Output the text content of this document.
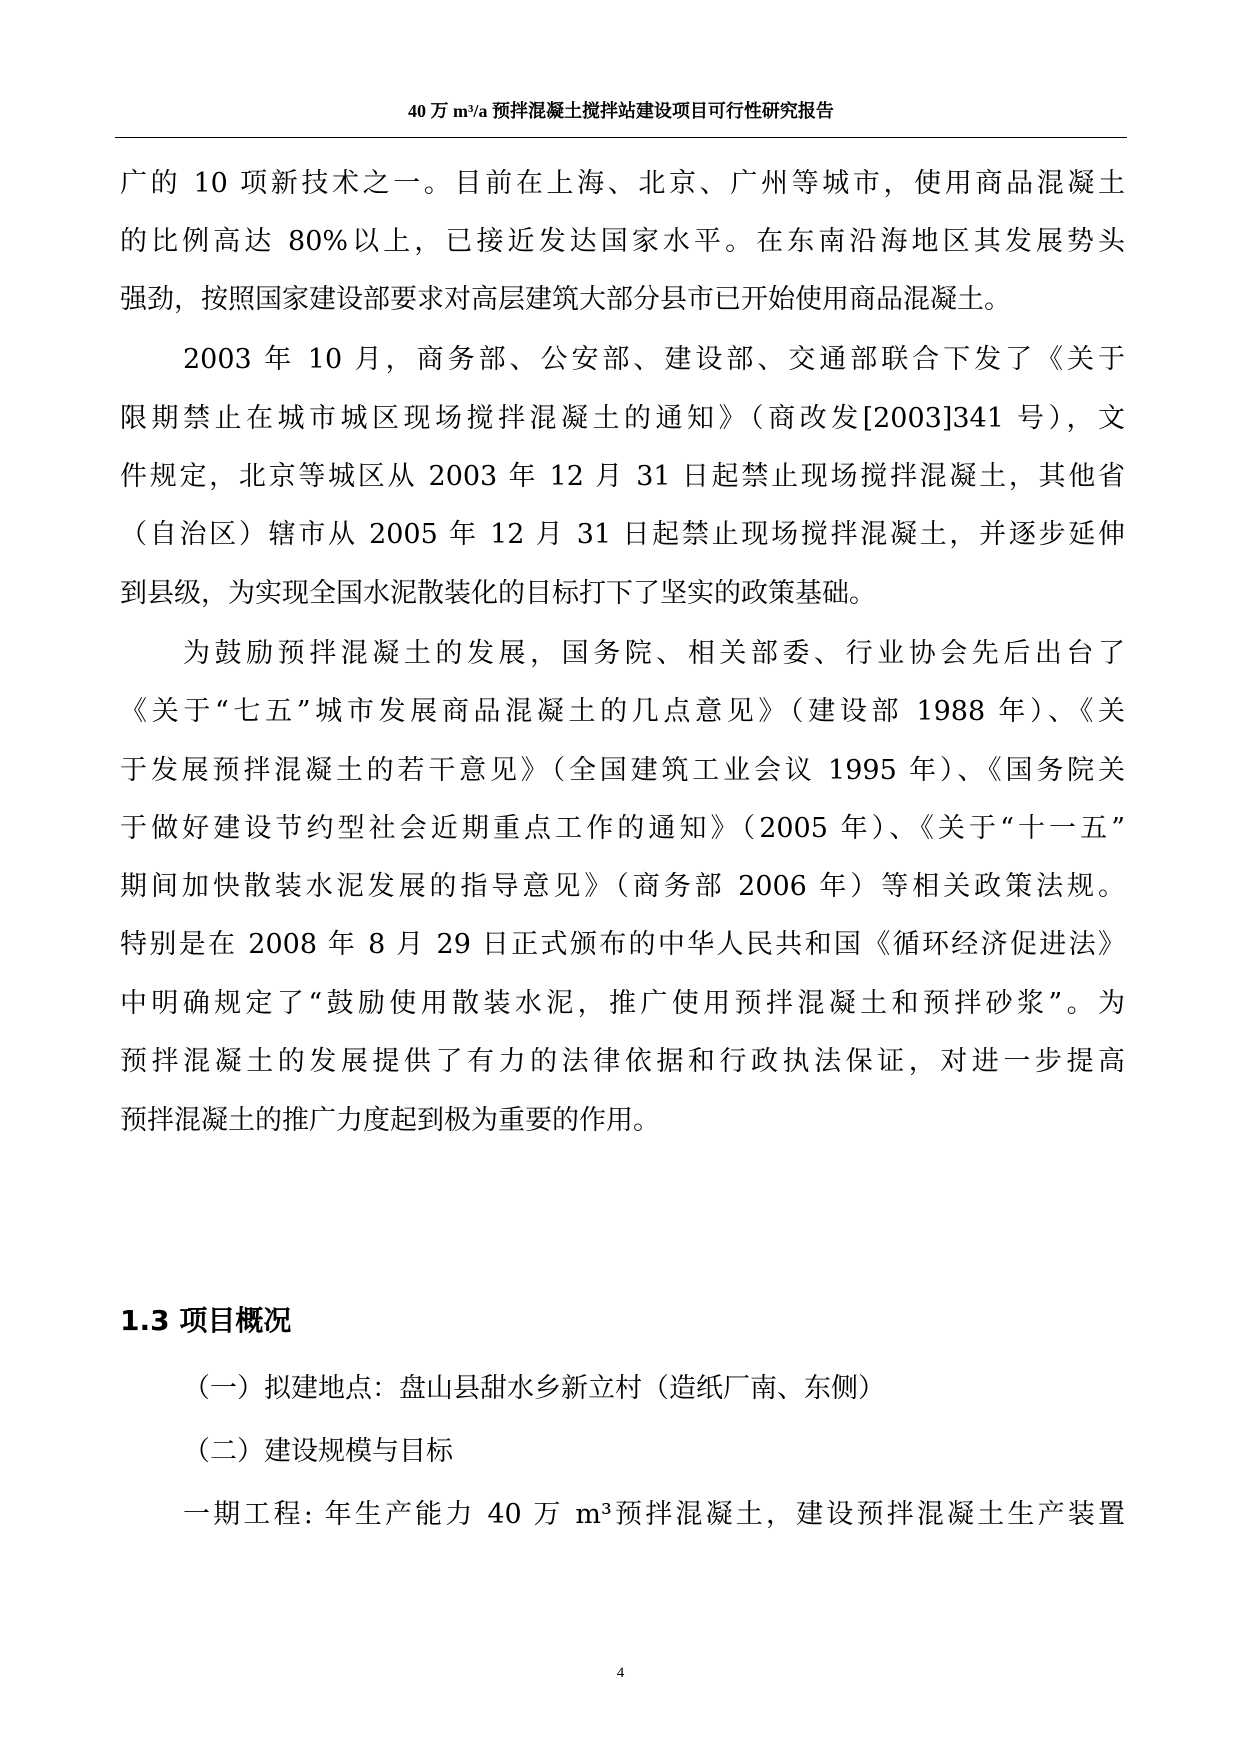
40 万 m³/a 预拌混凝土搅拌站建设项目可行性研究报告
广的 10 项新技术之一。目前在上海、北京、广州等城市，使用商品混凝土
的比例高达 80%以上，已接近发达国家水平。在东南沿海地区其发展势头
强劲，按照国家建设部要求对高层建筑大部分县市已开始使用商品混凝土。
2003 年 10 月，商务部、公安部、建设部、交通部联合下发了《关于
限期禁止在城市城区现场搅拌混凝土的通知》（商改发[2003]341 号），文
件规定，北京等城区从 2003 年 12 月 31 日起禁止现场搅拌混凝土，其他省
（自治区）辖市从 2005 年 12 月 31 日起禁止现场搅拌混凝土，并逐步延伸
到县级，为实现全国水泥散装化的目标打下了坚实的政策基础。
为鼓励预拌混凝土的发展，国务院、相关部委、行业协会先后出台了
《关于“七五”城市发展商品混凝土的几点意见》（建设部 1988 年）、《关
于发展预拌混凝土的若干意见》（全国建筑工业会议 1995 年）、《国务院关
于做好建设节约型社会近期重点工作的通知》（2005 年）、《关于“十一五”
期间加快散装水泥发展的指导意见》（商务部 2006 年）等相关政策法规。
特别是在 2008 年 8 月 29 日正式颁布的中华人民共和国《循环经济促进法》
中明确规定了“鼓励使用散装水泥，推广使用预拌混凝土和预拌砂浆”。为
预拌混凝土的发展提供了有力的法律依据和行政执法保证，对进一步提高
预拌混凝土的推广力度起到极为重要的作用。
1.3 项目概况
（一）拟建地点：盘山县甜水乡新立村（造纸厂南、东侧）
（二）建设规模与目标
一期工程: 年生产能力 40 万 m³预拌混凝土，建设预拌混凝土生产装置
4
